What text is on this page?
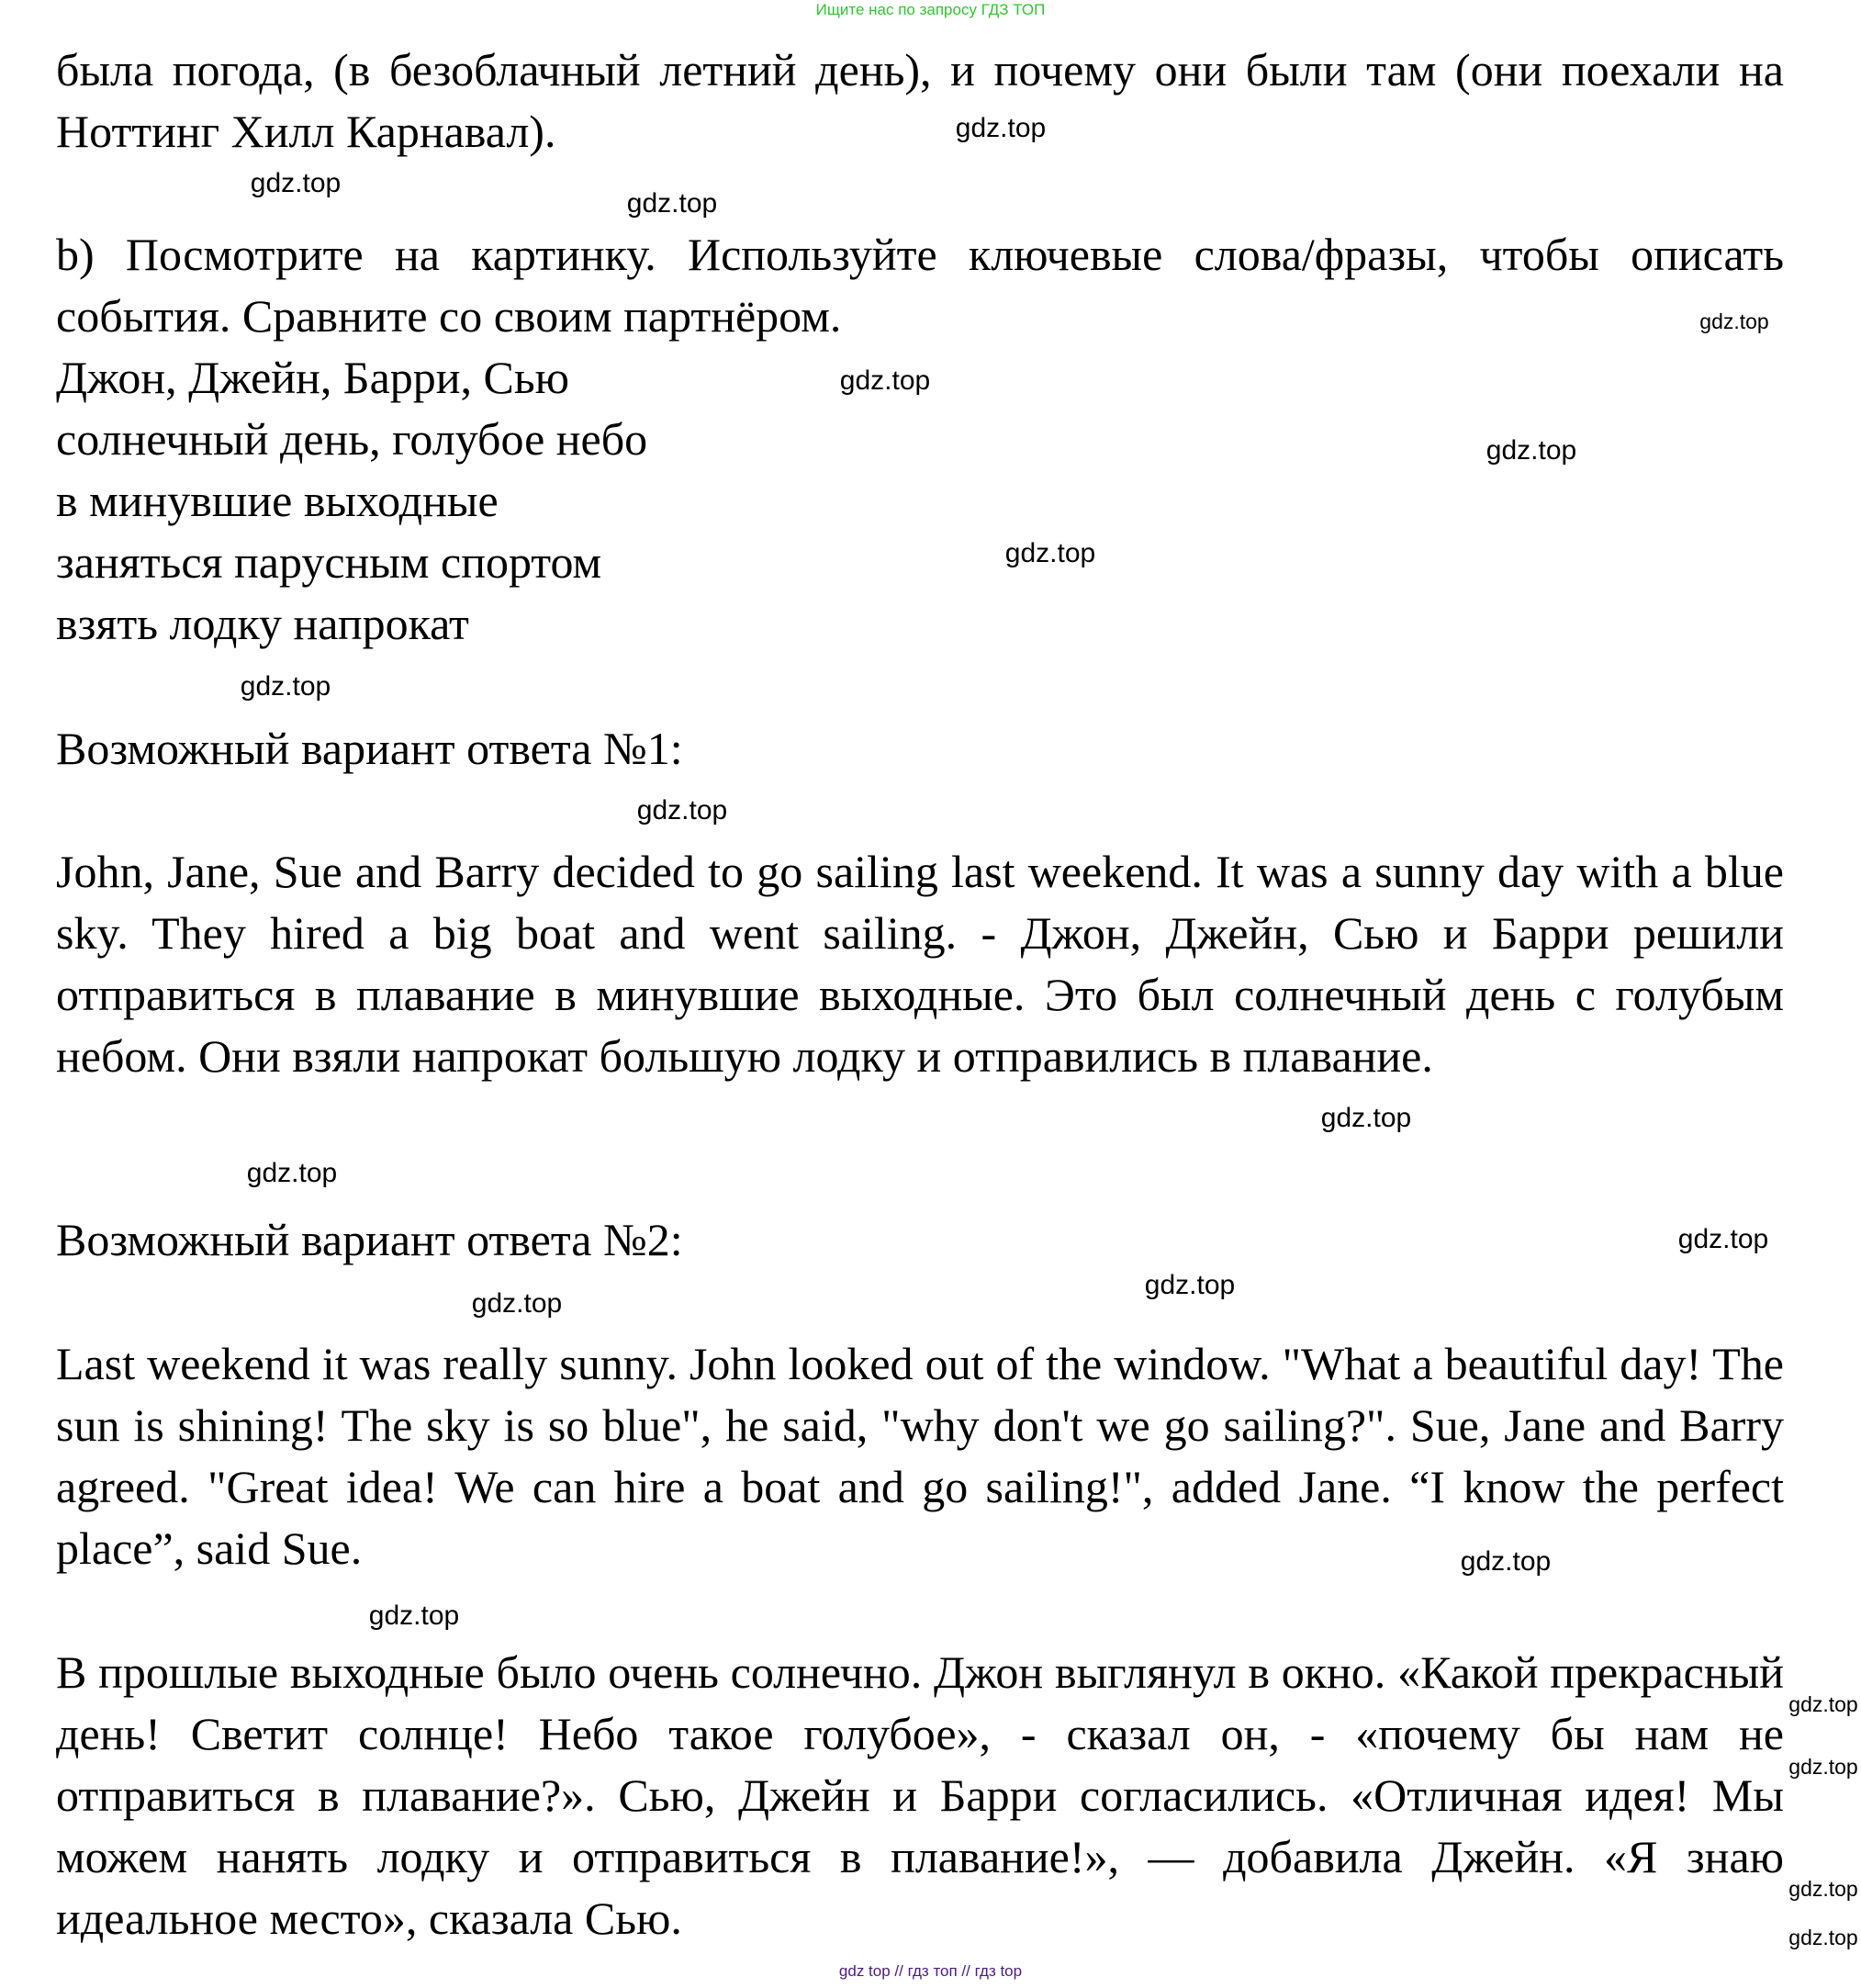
Ищите нас по запросу ГДЗ ТОП

была погода, (в безоблачный летний день), и почему они были там (они поехали на Ноттинг Хилл Карнавал).

b) Посмотрите на картинку. Используйте ключевые слова/фразы, чтобы описать события. Сравните со своим партнёром.

Джон, Джейн, Барри, Сью
солнечный день, голубое небо
в минувшие выходные
заняться парусным спортом
взять лодку напрокат

Возможный вариант ответа №1:

John, Jane, Sue and Barry decided to go sailing last weekend. It was a sunny day with a blue sky. They hired a big boat and went sailing. - Джон, Джейн, Сью и Барри решили отправиться в плавание в минувшие выходные. Это был солнечный день с голубым небом. Они взяли напрокат большую лодку и отправились в плавание.

Возможный вариант ответа №2:

Last weekend it was really sunny. John looked out of the window. "What a beautiful day! The sun is shining! The sky is so blue", he said, "why don't we go sailing?". Sue, Jane and Barry agreed. "Great idea! We can hire a boat and go sailing!", added Jane. “I know the perfect place”, said Sue.

В прошлые выходные было очень солнечно. Джон выглянул в окно. «Какой прекрасный день! Светит солнце! Небо такое голубое», - сказал он, - «почему бы нам не отправиться в плавание?». Сью, Джейн и Барри согласились. «Отличная идея! Мы можем нанять лодку и отправиться в плавание!», — добавила Джейн. «Я знаю идеальное место», сказала Сью.

gdz.top
gdz.top
gdz.top
gdz.top
gdz.top
gdz.top
gdz.top
gdz.top
gdz.top
gdz.top
gdz.top
gdz.top
gdz.top
gdz.top
gdz.top
gdz.top
gdz.top
gdz.top
gdz.top
gdz.top
gdz top // гдз топ // гдз top
